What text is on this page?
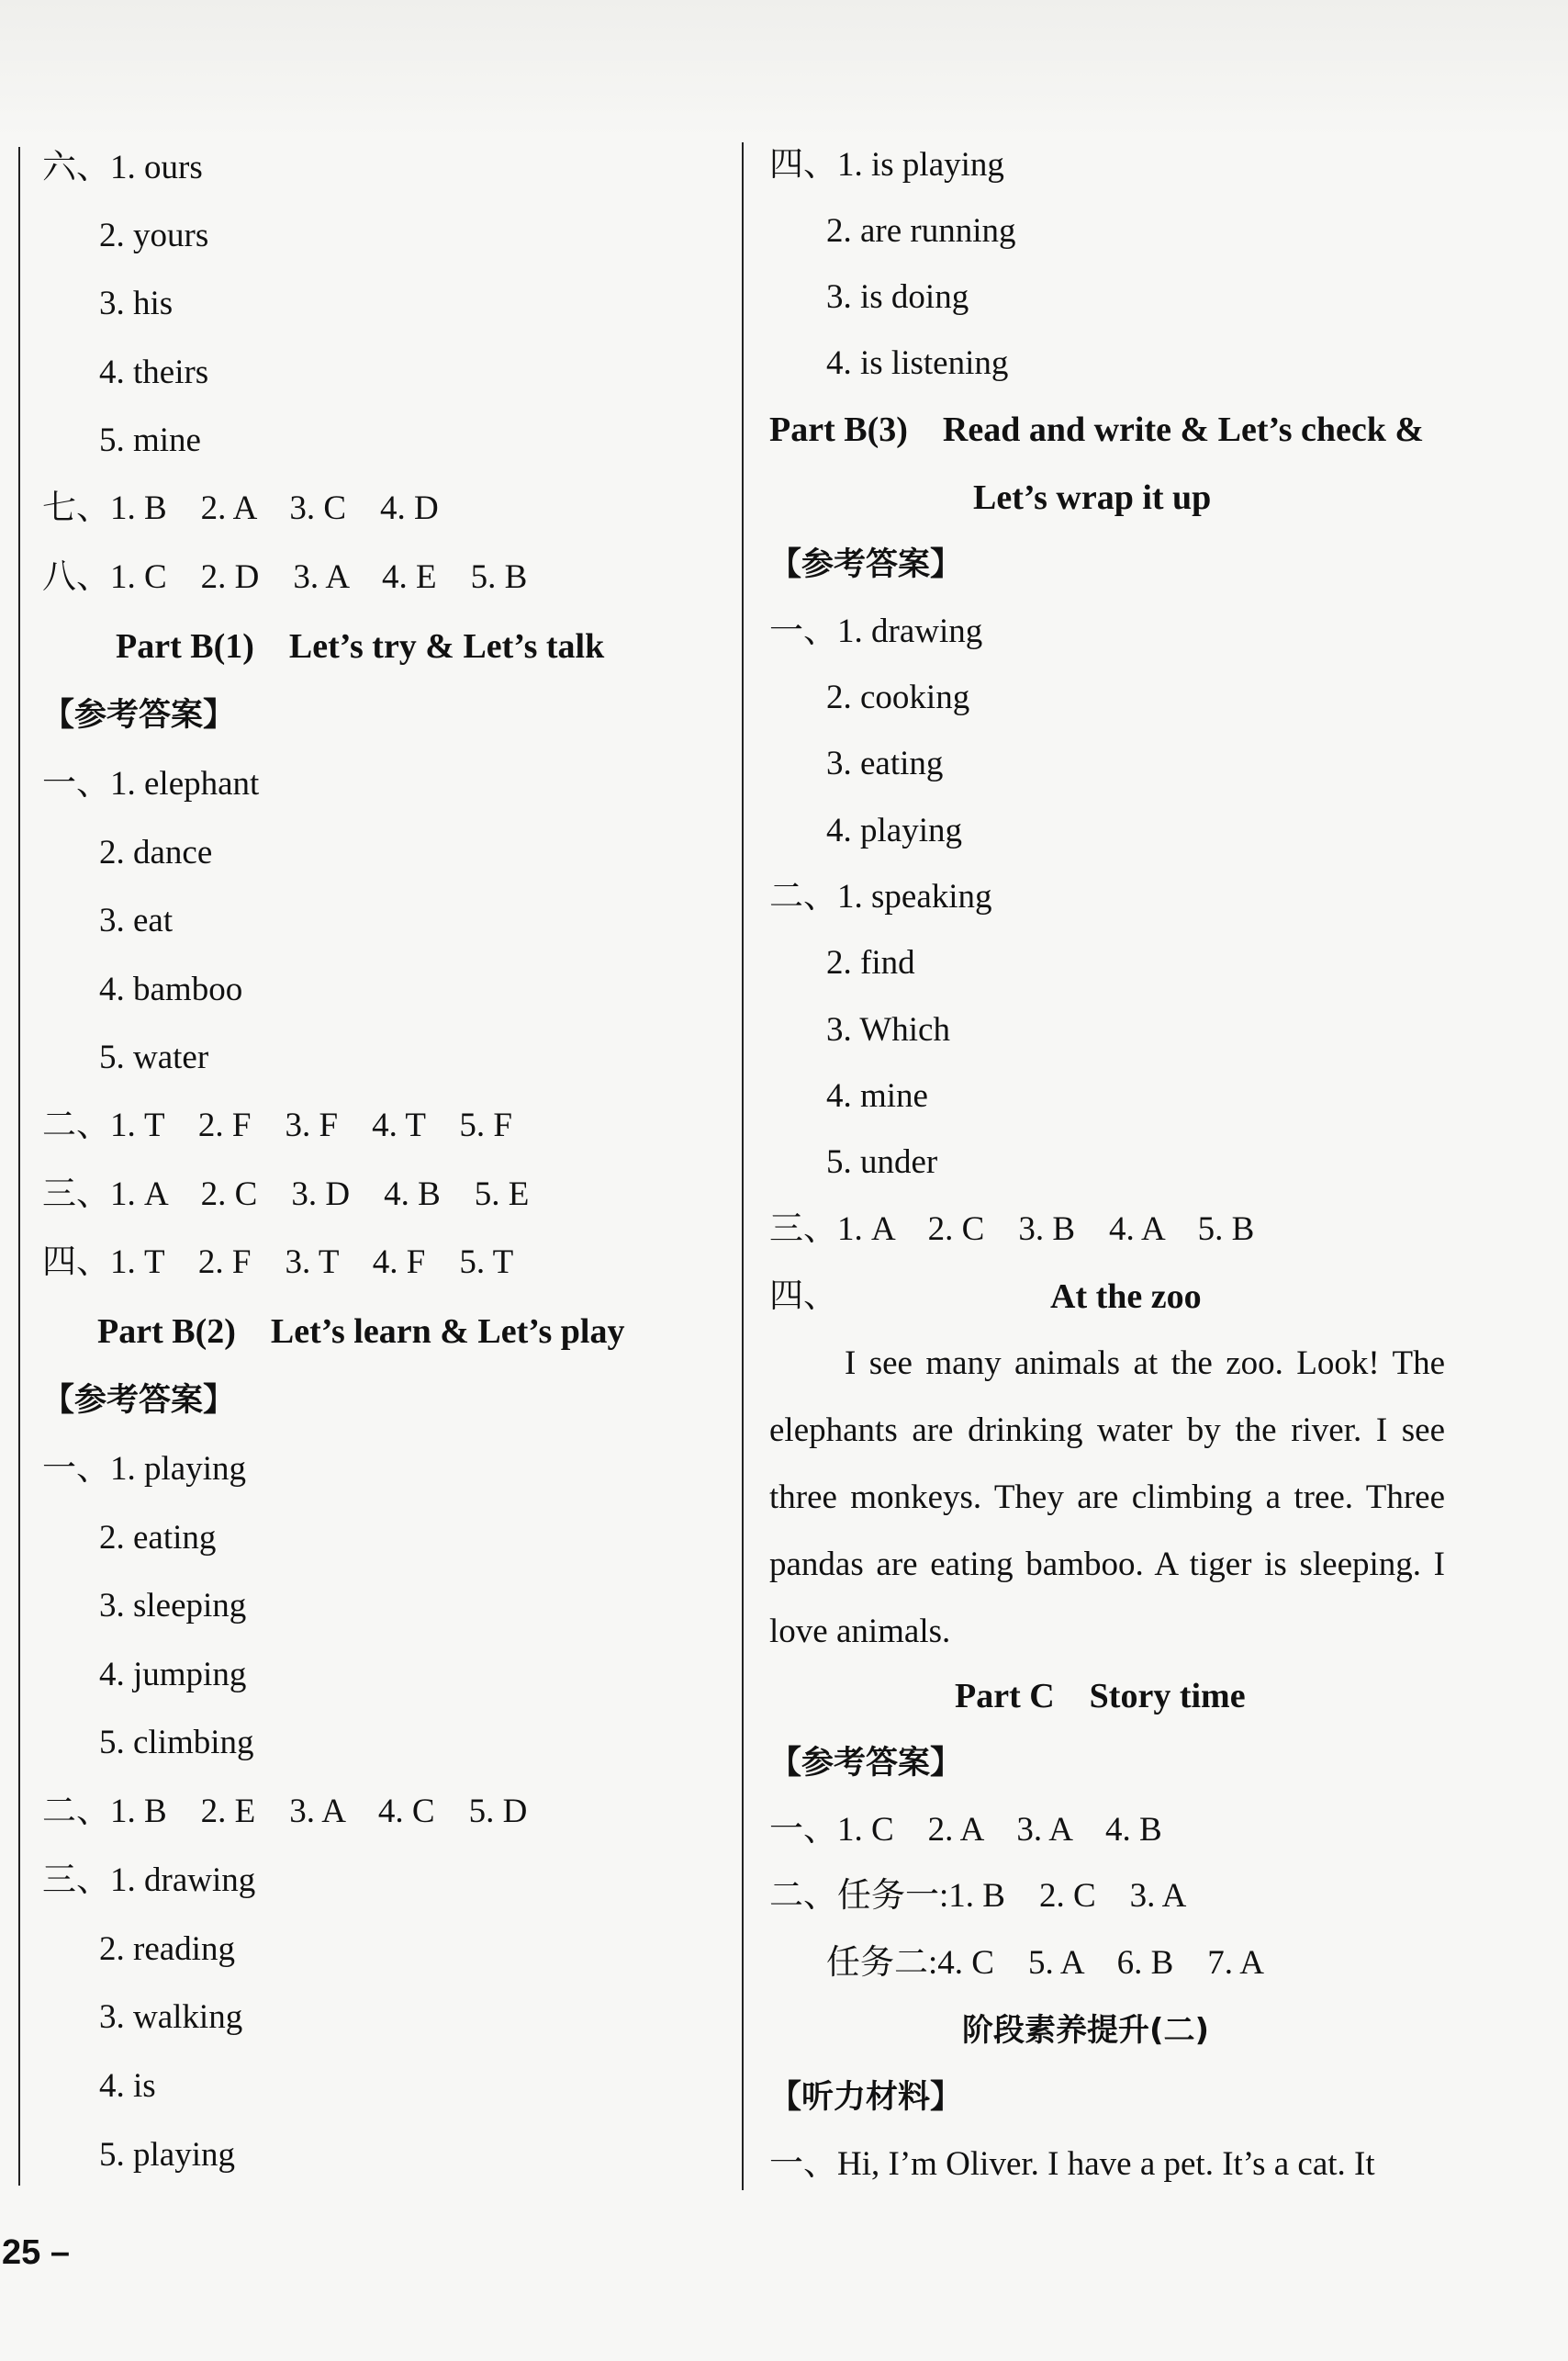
六、1. ours
2. yours
3. his
4. theirs
5. mine
七、1. B　2. A　3. C　4. D
八、1. C　2. D　3. A　4. E　5. B
Part B(1)　Let’s try & Let’s talk
【参考答案】
一、1. elephant
2. dance
3. eat
4. bamboo
5. water
二、1. T　2. F　3. F　4. T　5. F
三、1. A　2. C　3. D　4. B　5. E
四、1. T　2. F　3. T　4. F　5. T
Part B(2)　Let’s learn & Let’s play
【参考答案】
一、1. playing
2. eating
3. sleeping
4. jumping
5. climbing
二、1. B　2. E　3. A　4. C　5. D
三、1. drawing
2. reading
3. walking
4. is
5. playing
四、1. is playing
2. are running
3. is doing
4. is listening
Part B(3)　Read and write & Let’s check &
Let’s wrap it up
【参考答案】
一、1. drawing
2. cooking
3. eating
4. playing
二、1. speaking
2. find
3. Which
4. mine
5. under
三、1. A　2. C　3. B　4. A　5. B
四、	At the zoo
I see many animals at the zoo. Look! The elephants are drinking water by the river. I see three monkeys. They are climbing a tree. Three pandas are eating bamboo. A tiger is sleeping. I love animals.
Part C　Story time
【参考答案】
一、1. C　2. A　3. A　4. B
二、任务一:1. B　2. C　3. A
任务二:4. C　5. A　6. B　7. A
阶段素养提升(二)
【听力材料】
一、Hi, I’m Oliver. I have a pet. It’s a cat. It
25 –
